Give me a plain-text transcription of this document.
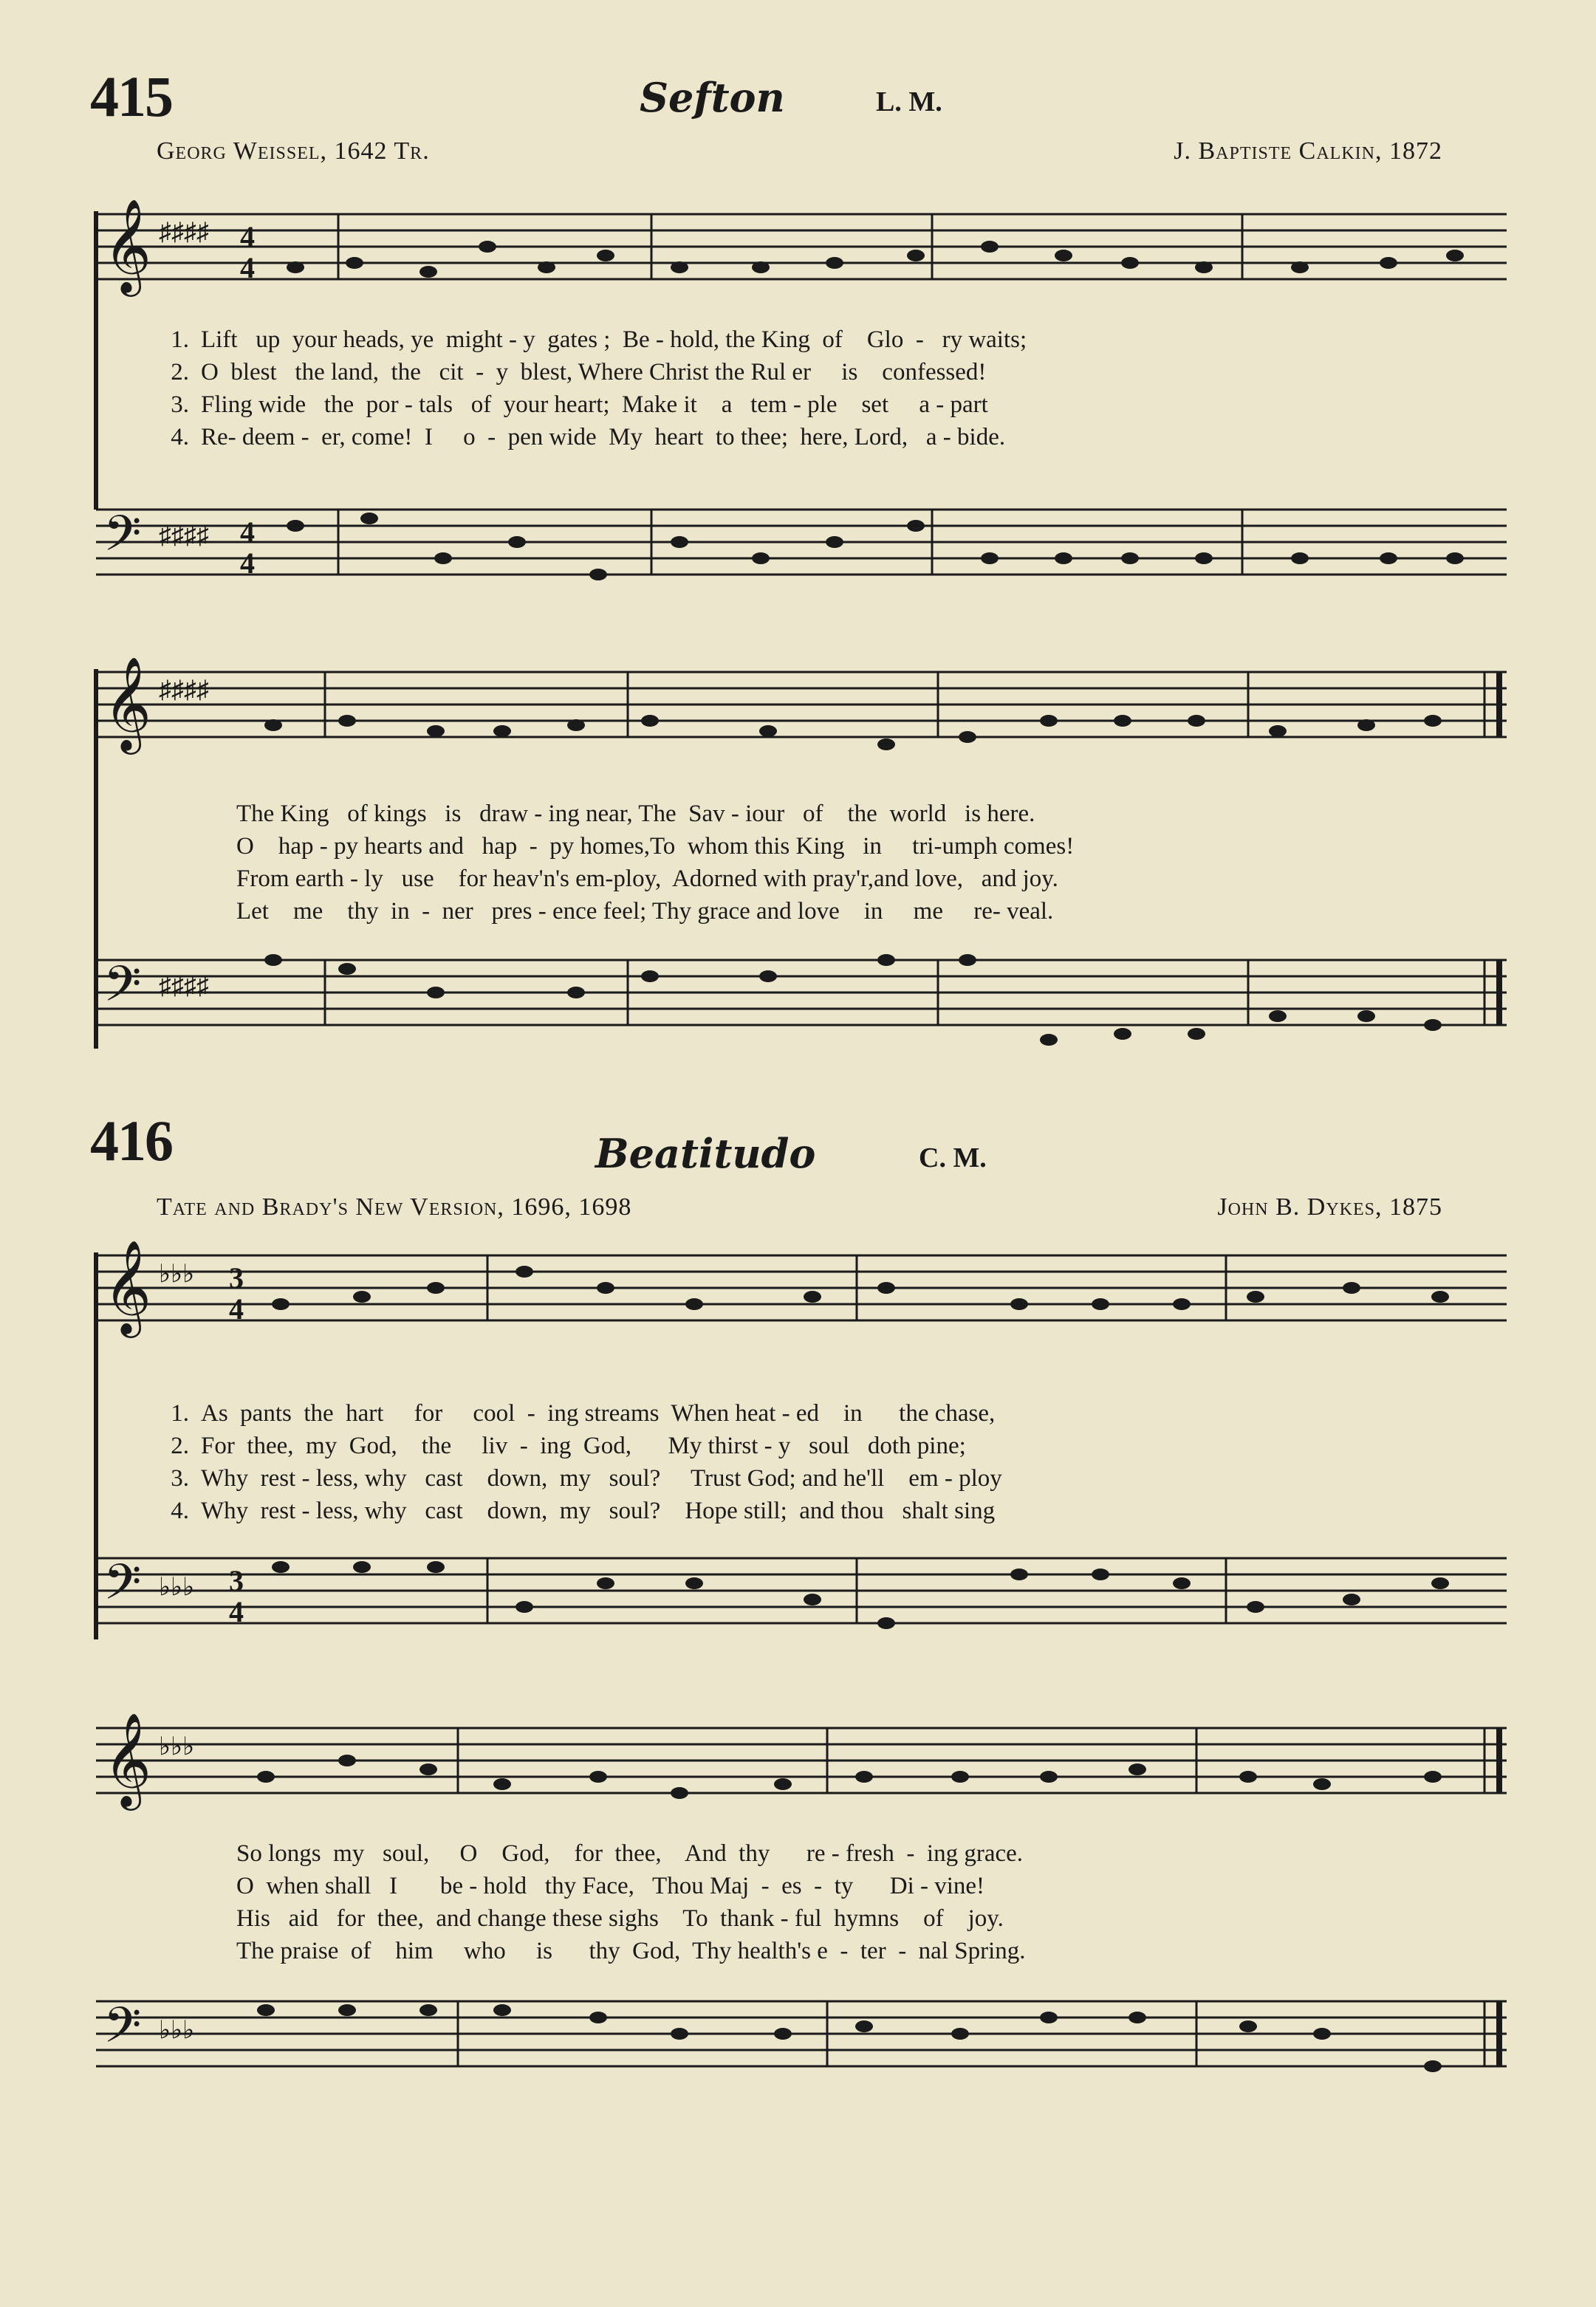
415	Sefton	L. M.
Georg Weissel, 1642 Tr.	J. Baptiste Calkin, 1872
𝄞 ♯♯♯♯ 4
4
1. Lift   up  your heads, ye  might - y  gates ;  Be - hold, the King  of    Glo  -   ry waits;
2. O  blest   the land,  the   cit  -  y  blest, Where Christ the Rul er     is    confessed!
3. Fling wide   the  por - tals   of  your heart;  Make it    a   tem - ple    set     a - part
4. Re- deem -  er, come!  I     o  -  pen wide  My  heart  to thee;  here, Lord,   a - bide.
𝄢 ♯♯♯♯ 4
4
𝄞 ♯♯♯♯
The King   of kings   is   draw - ing near, The  Sav - iour   of    the  world   is here.
O    hap - py hearts and   hap  -  py homes,To  whom this King   in     tri-umph comes!
From earth - ly   use    for heav'n's em-ploy,  Adorned with pray'r,and love,   and joy.
Let    me    thy  in  -  ner   pres - ence feel; Thy grace and love    in     me     re- veal.
𝄢 ♯♯♯♯
416	Beatitudo	C. M.
Tate and Brady's New Version, 1696, 1698	John B. Dykes, 1875
𝄞 ♭♭♭ 3
4
1. As  pants  the  hart     for     cool  -  ing streams  When heat - ed    in      the chase,
2. For  thee,  my  God,    the     liv  -  ing  God,      My thirst - y   soul   doth pine;
3. Why  rest - less, why   cast    down,  my   soul?     Trust God; and he'll    em - ploy
4. Why  rest - less, why   cast    down,  my   soul?    Hope still;  and thou   shalt sing
𝄢 ♭♭♭ 3
4
𝄞 ♭♭♭
So longs  my   soul,     O    God,    for  thee,    And  thy      re - fresh  -  ing grace.
O  when shall   I       be - hold   thy Face,   Thou Maj  -  es  -  ty      Di - vine!
His   aid   for  thee,  and change these sighs    To  thank - ful  hymns    of    joy.
The praise  of    him     who     is      thy  God,  Thy health's e  -  ter  -  nal Spring.
𝄢 ♭♭♭
